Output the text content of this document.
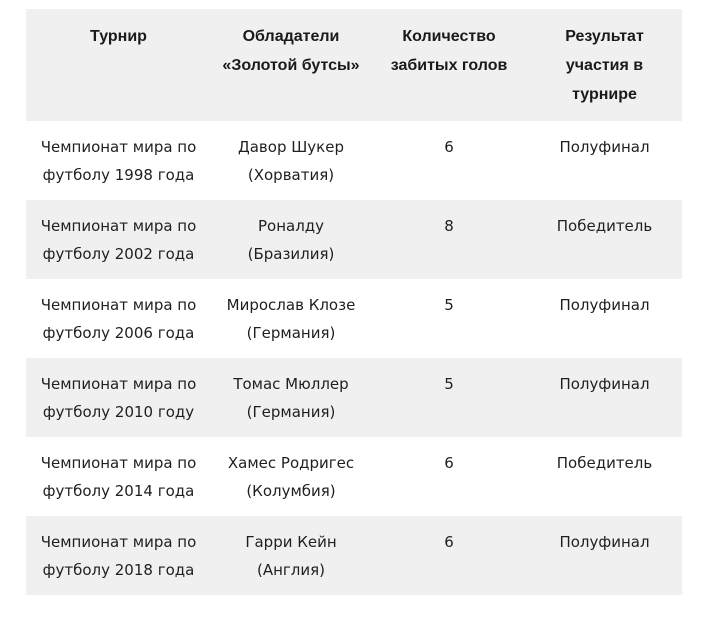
Турнир	Обладатели «Золотой бутсы»	Количество забитых голов	Результат участия в турнире

Чемпионат мира по футболу 1998 года	Давор Шукер (Хорватия)	6	Полуфинал
Чемпионат мира по футболу 2002 года	Роналду (Бразилия)	8	Победитель
Чемпионат мира по футболу 2006 года	Мирослав Клозе (Германия)	5	Полуфинал
Чемпионат мира по футболу 2010 году	Томас Мюллер (Германия)	5	Полуфинал
Чемпионат мира по футболу 2014 года	Хамес Родригес (Колумбия)	6	Победитель
Чемпионат мира по футболу 2018 года	Гарри Кейн (Англия)	6	Полуфинал
